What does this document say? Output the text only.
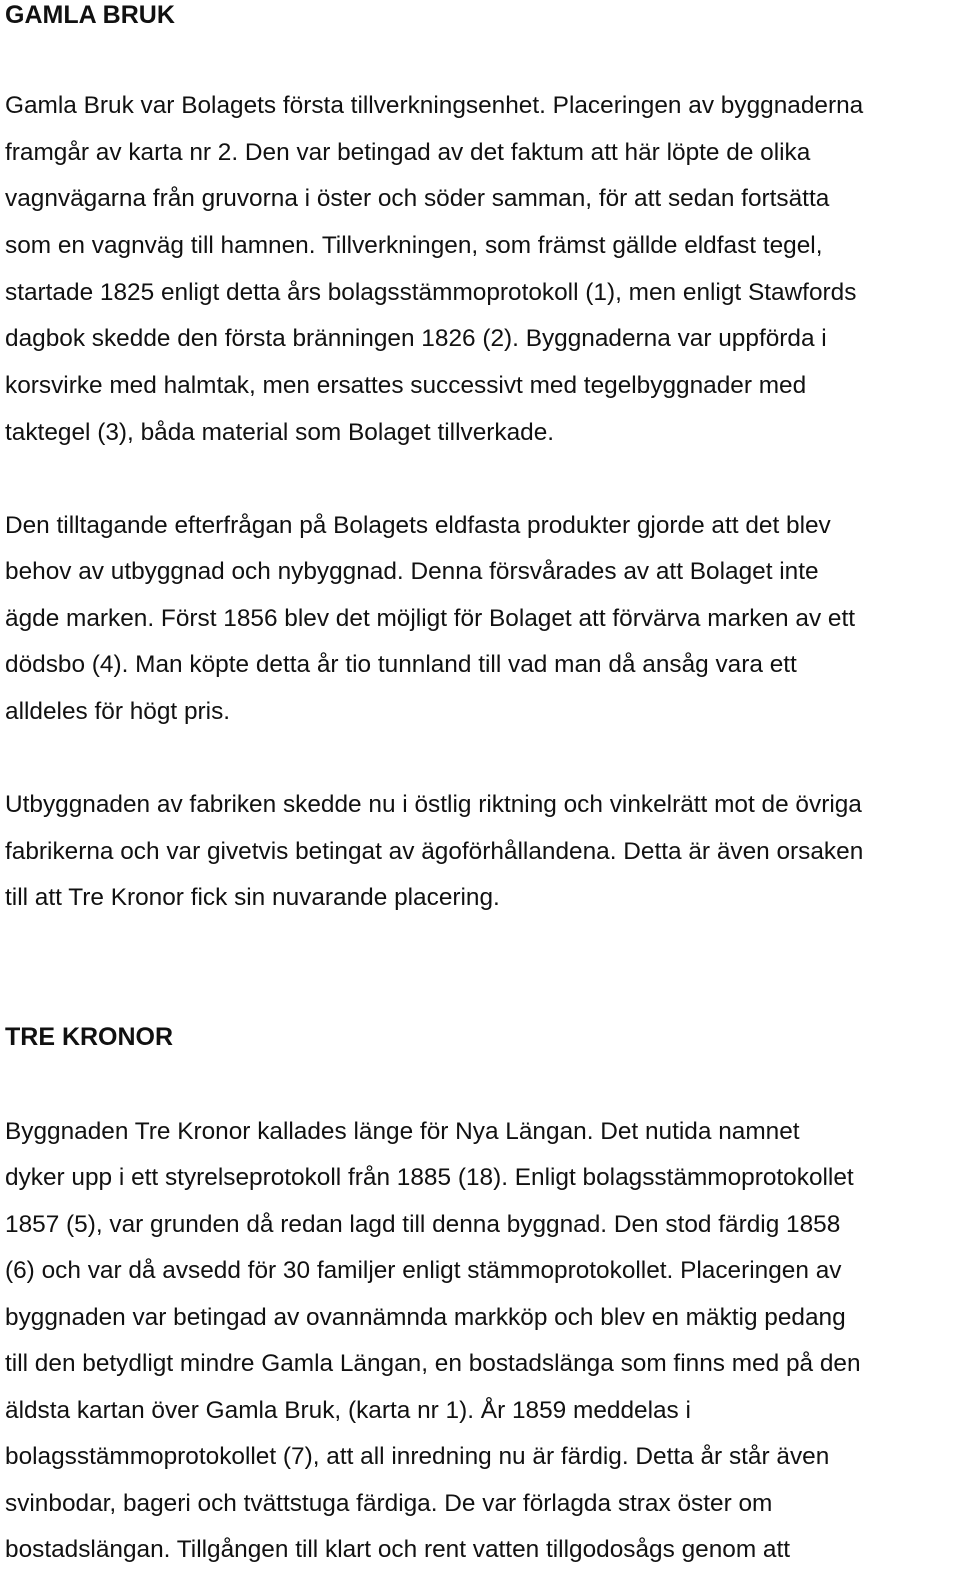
GAMLA BRUK
Gamla Bruk var Bolagets första tillverkningsenhet. Placeringen av byggnaderna
framgår av karta nr 2. Den var betingad av det faktum att här löpte de olika
vagnvägarna från gruvorna i öster och söder samman, för att sedan fortsätta
som en vagnväg till hamnen. Tillverkningen, som främst gällde eldfast tegel,
startade 1825 enligt detta års bolagsstämmoprotokoll (1), men enligt Stawfords
dagbok skedde den första bränningen 1826 (2). Byggnaderna var uppförda i
korsvirke med halmtak, men ersattes successivt med tegelbyggnader med
taktegel (3), båda material som Bolaget tillverkade.
Den tilltagande efterfrågan på Bolagets eldfasta produkter gjorde att det blev
behov av utbyggnad och nybyggnad. Denna försvårades av att Bolaget inte
ägde marken. Först 1856 blev det möjligt för Bolaget att förvärva marken av ett
dödsbo (4). Man köpte detta år tio tunnland till vad man då ansåg vara ett
alldeles för högt pris.
Utbyggnaden av fabriken skedde nu i östlig riktning och vinkelrätt mot de övriga
fabrikerna och var givetvis betingat av ägoförhållandena. Detta är även orsaken
till att Tre Kronor fick sin nuvarande placering.
TRE KRONOR
Byggnaden Tre Kronor kallades länge för Nya Längan. Det nutida namnet
dyker upp i ett styrelseprotokoll från 1885 (18). Enligt bolagsstämmoprotokollet
1857 (5), var grunden då redan lagd till denna byggnad. Den stod färdig 1858
(6) och var då avsedd för 30 familjer enligt stämmoprotokollet. Placeringen av
byggnaden var betingad av ovannämnda markköp och blev en mäktig pedang
till den betydligt mindre Gamla Längan, en bostadslänga som finns med på den
äldsta kartan över Gamla Bruk, (karta nr 1). År 1859 meddelas i
bolagsstämmoprotokollet (7), att all inredning nu är färdig. Detta år står även
svinbodar, bageri och tvättstuga färdiga. De var förlagda strax öster om
bostadslängan. Tillgången till klart och rent vatten tillgodosågs genom att
